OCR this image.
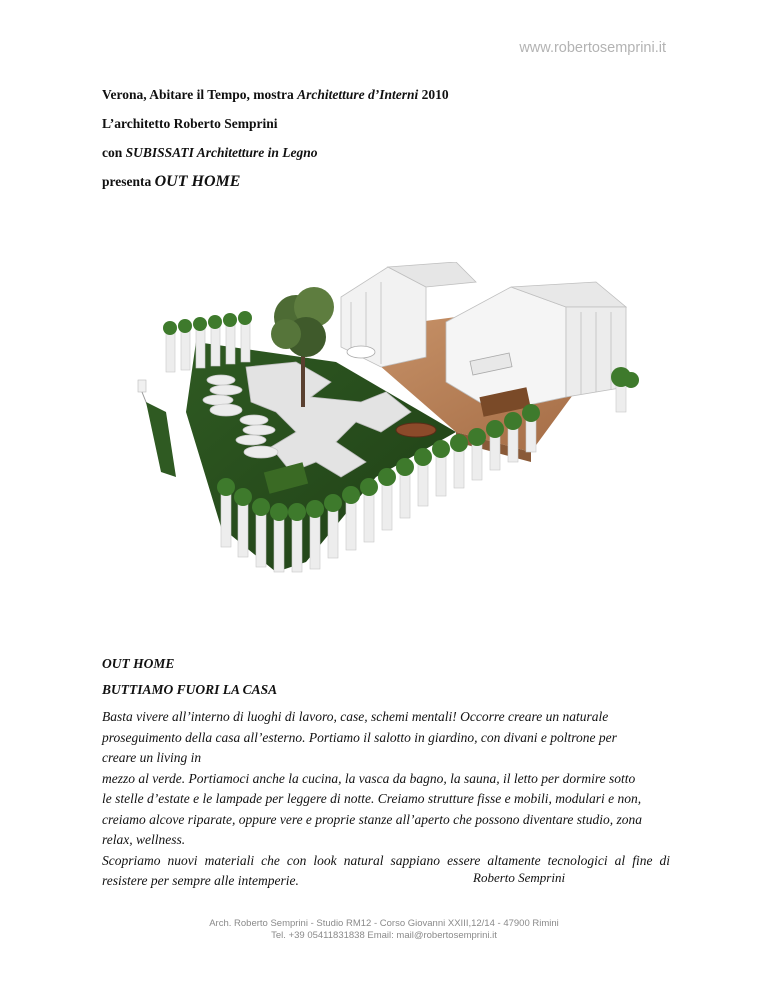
www.robertosemprini.it
Verona, Abitare il Tempo, mostra Architetture d’Interni 2010
L’architetto Roberto Semprini
con SUBISSATI Architetture in Legno
presenta OUT HOME
OUT HOME
BUTTIAMO FUORI LA CASA

Basta vivere all’interno di luoghi di lavoro, case, schemi mentali! Occorre creare un naturale

proseguimento della casa all’esterno. Portiamo il salotto in giardino, con divani e poltrone per

creare un living in

mezzo al verde. Portiamoci anche la cucina, la vasca da bagno, la sauna, il letto per dormire sotto

le stelle d’estate e le lampade per leggere di notte. Creiamo strutture fisse e mobili, modulari e non,

creiamo alcove riparate, oppure vere e proprie stanze all’aperto che possono diventare studio, zona

relax, wellness.

Scopriamo nuovi materiali che con look natural sappiano essere altamente tecnologici al fine di resistere per sempre alle intemperie.	Roberto Semprini
Arch. Roberto Semprini - Studio RM12 - Corso Giovanni XXIII,12/14 - 47900 Rimini
Tel. +39 05411831838 Email: mail@robertosemprini.it
